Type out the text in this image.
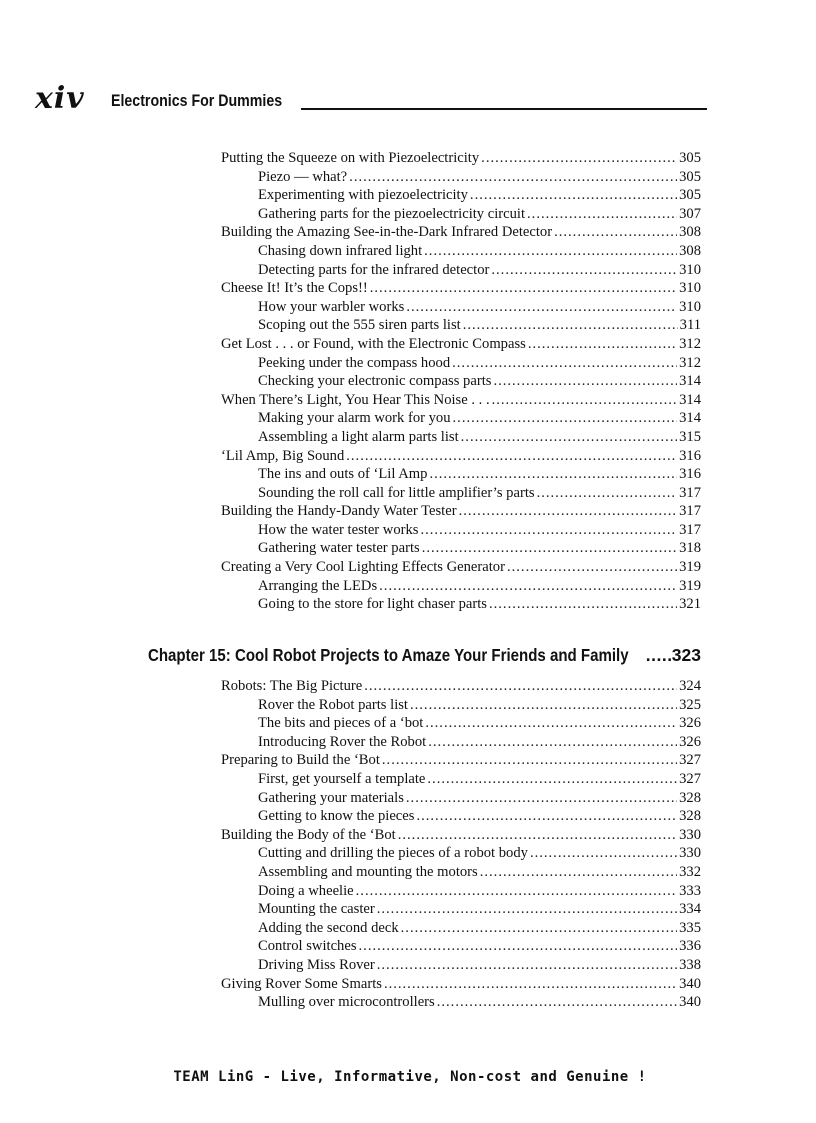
xiv Electronics For Dummies
Putting the Squeeze on with Piezoelectricity .....	305
Piezo — what? .....	305
Experimenting with piezoelectricity .....	305
Gathering parts for the piezoelectricity circuit .....	307
Building the Amazing See-in-the-Dark Infrared Detector .....	308
Chasing down infrared light .....	308
Detecting parts for the infrared detector .....	310
Cheese It! It’s the Cops!! .....	310
How your warbler works .....	310
Scoping out the 555 siren parts list .....	311
Get Lost . . . or Found, with the Electronic Compass .....	312
Peeking under the compass hood .....	312
Checking your electronic compass parts .....	314
When There’s Light, You Hear This Noise . . . .....	314
Making your alarm work for you .....	314
Assembling a light alarm parts list .....	315
‘Lil Amp, Big Sound .....	316
The ins and outs of ‘Lil Amp .....	316
Sounding the roll call for little amplifier’s parts .....	317
Building the Handy-Dandy Water Tester .....	317
How the water tester works .....	317
Gathering water tester parts .....	318
Creating a Very Cool Lighting Effects Generator .....	319
Arranging the LEDs .....	319
Going to the store for light chaser parts .....	321
Chapter 15: Cool Robot Projects to Amaze Your Friends and Family ..... 323
Robots: The Big Picture .....	324
Rover the Robot parts list .....	325
The bits and pieces of a ‘bot .....	326
Introducing Rover the Robot .....	326
Preparing to Build the ‘Bot .....	327
First, get yourself a template .....	327
Gathering your materials .....	328
Getting to know the pieces .....	328
Building the Body of the ‘Bot .....	330
Cutting and drilling the pieces of a robot body .....	330
Assembling and mounting the motors .....	332
Doing a wheelie .....	333
Mounting the caster .....	334
Adding the second deck .....	335
Control switches .....	336
Driving Miss Rover .....	338
Giving Rover Some Smarts .....	340
Mulling over microcontrollers .....	340
TEAM LinG - Live, Informative, Non-cost and Genuine !
